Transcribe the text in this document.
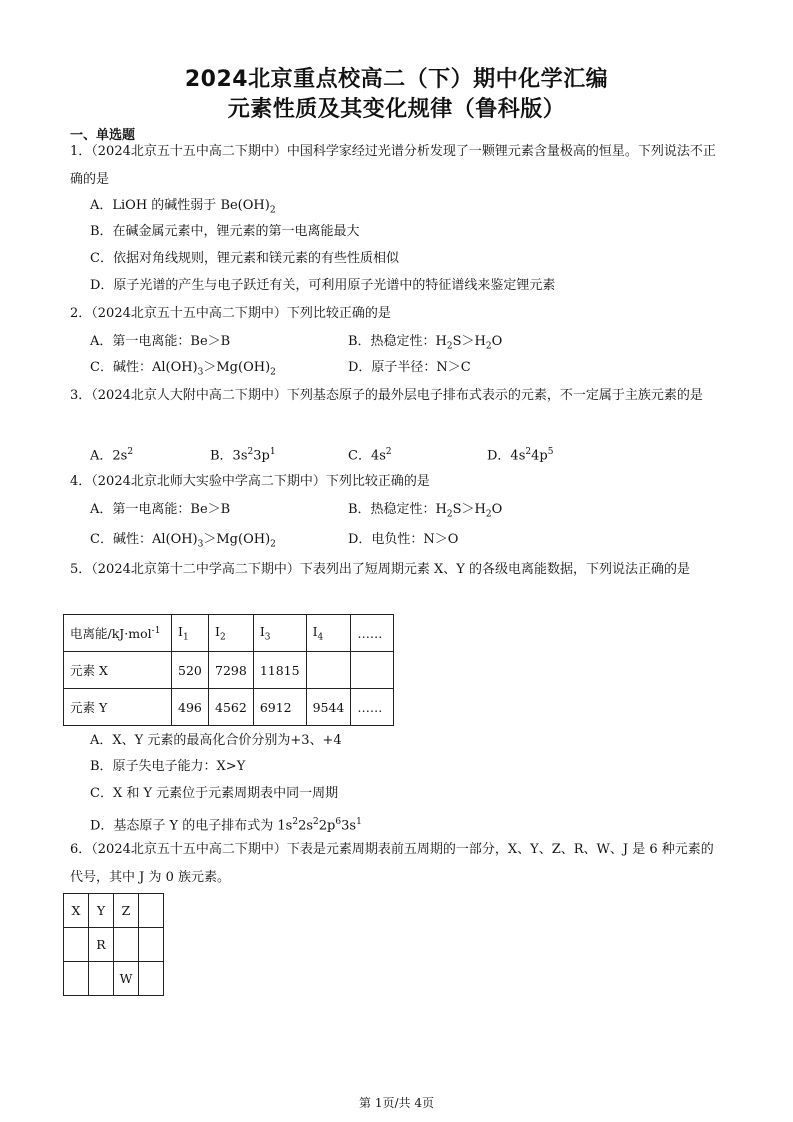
2024北京重点校高二（下）期中化学汇编
元素性质及其变化规律（鲁科版）
一、单选题
1．（2024北京五十五中高二下期中）中国科学家经过光谱分析发现了一颗锂元素含量极高的恒星。下列说法不正确的是
A．LiOH 的碱性弱于 $Be(OH)_2$
B．在碱金属元素中，锂元素的第一电离能最大
C．依据对角线规则，锂元素和镁元素的有些性质相似
D．原子光谱的产生与电子跃迁有关，可利用原子光谱中的特征谱线来鉴定锂元素
2．（2024北京五十五中高二下期中）下列比较正确的是
A．第一电离能：Be＞B	B．热稳定性：$H_2S>H_2O$
C．碱性：$Al(OH)_3>Mg(OH)_2$	D．原子半径：N＞C
3．（2024北京人大附中高二下期中）下列基态原子的最外层电子排布式表示的元素，不一定属于主族元素的是
A．$2s^2$	B．$3s^23p^1$	C．$4s^2$	D．$4s^24p^5$
4．（2024北京北师大实验中学高二下期中）下列比较正确的是
A．第一电离能：Be＞B	B．热稳定性：$H_2S>H_2O$
C．碱性：$Al(OH)_3>Mg(OH)_2$	D．电负性：N＞O
5．（2024北京第十二中学高二下期中）下表列出了短周期元素 X、Y 的各级电离能数据，下列说法正确的是
电离能/kJ·mol$^{-1}$	$I_1$	$I_2$	$I_3$	$I_4$	……
元素 X	520	7298	11815		
元素 Y	496	4562	6912	9544	……
A．X、Y 元素的最高化合价分别为+3、+4
B．原子失电子能力：X>Y
C．X 和 Y 元素位于元素周期表中同一周期
D．基态原子 Y 的电子排布式为 $1s^22s^22p^63s^1$
6．（2024北京五十五中高二下期中）下表是元素周期表前五周期的一部分，X、Y、Z、R、W、J 是 6 种元素的代号，其中 J 为 0 族元素。
X	Y	Z	
	R		
		W	
第 1页/共 4页
